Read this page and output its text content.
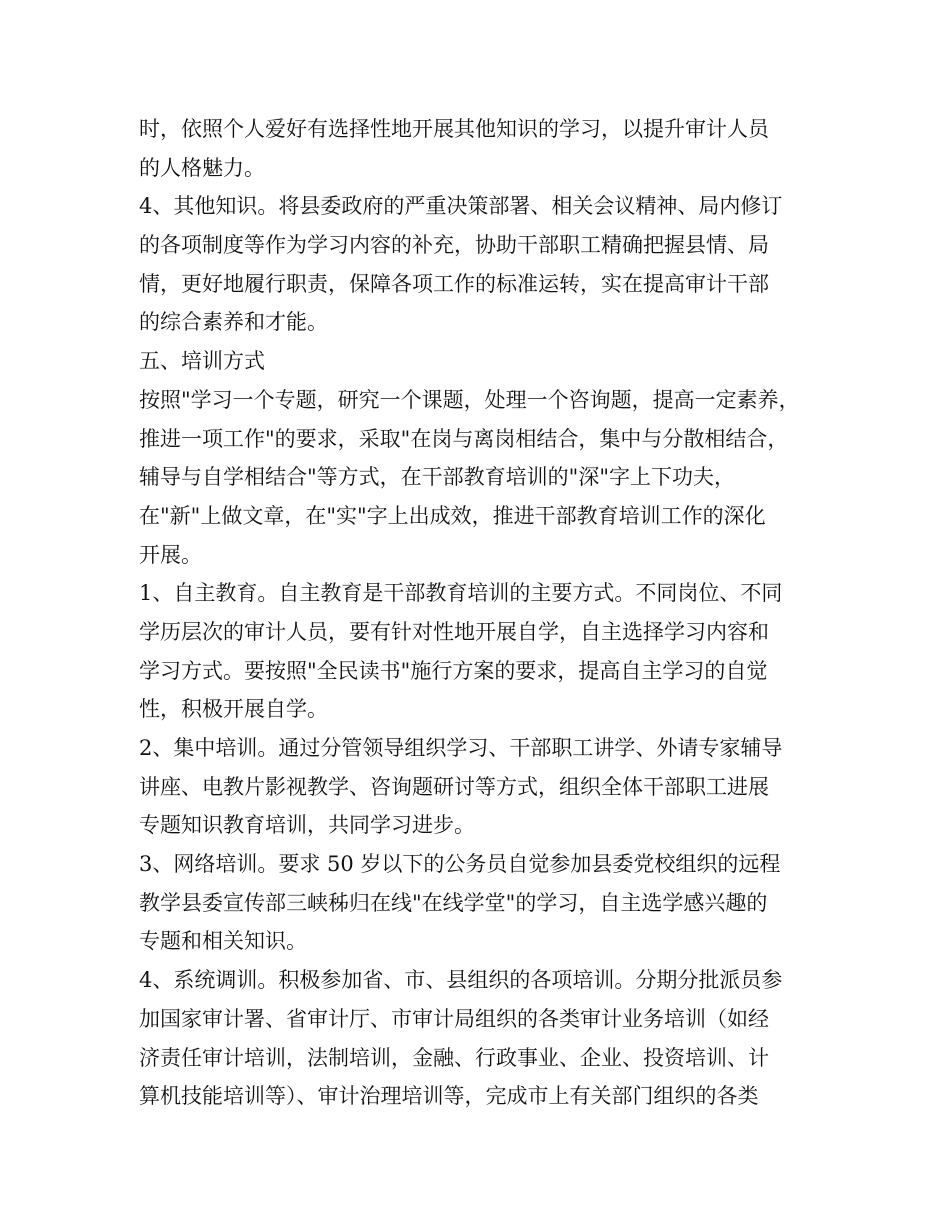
时，依照个人爱好有选择性地开展其他知识的学习，以提升审计人员
的人格魅力。
4、其他知识。将县委政府的严重决策部署、相关会议精神、局内修订
的各项制度等作为学习内容的补充，协助干部职工精确把握县情、局
情，更好地履行职责，保障各项工作的标准运转，实在提高审计干部
的综合素养和才能。
五、培训方式
按照"学习一个专题，研究一个课题，处理一个咨询题，提高一定素养，
推进一项工作"的要求，采取"在岗与离岗相结合，集中与分散相结合，
辅导与自学相结合"等方式，在干部教育培训的"深"字上下功夫，
在"新"上做文章，在"实"字上出成效，推进干部教育培训工作的深化
开展。
1、自主教育。自主教育是干部教育培训的主要方式。不同岗位、不同
学历层次的审计人员，要有针对性地开展自学，自主选择学习内容和
学习方式。要按照"全民读书"施行方案的要求，提高自主学习的自觉
性，积极开展自学。
2、集中培训。通过分管领导组织学习、干部职工讲学、外请专家辅导
讲座、电教片影视教学、咨询题研讨等方式，组织全体干部职工进展
专题知识教育培训，共同学习进步。
3、网络培训。要求 50 岁以下的公务员自觉参加县委党校组织的远程
教学县委宣传部三峡秭归在线"在线学堂"的学习，自主选学感兴趣的
专题和相关知识。
4、系统调训。积极参加省、市、县组织的各项培训。分期分批派员参
加国家审计署、省审计厅、市审计局组织的各类审计业务培训（如经
济责任审计培训，法制培训，金融、行政事业、企业、投资培训、计
算机技能培训等）、审计治理培训等，完成市上有关部门组织的各类
